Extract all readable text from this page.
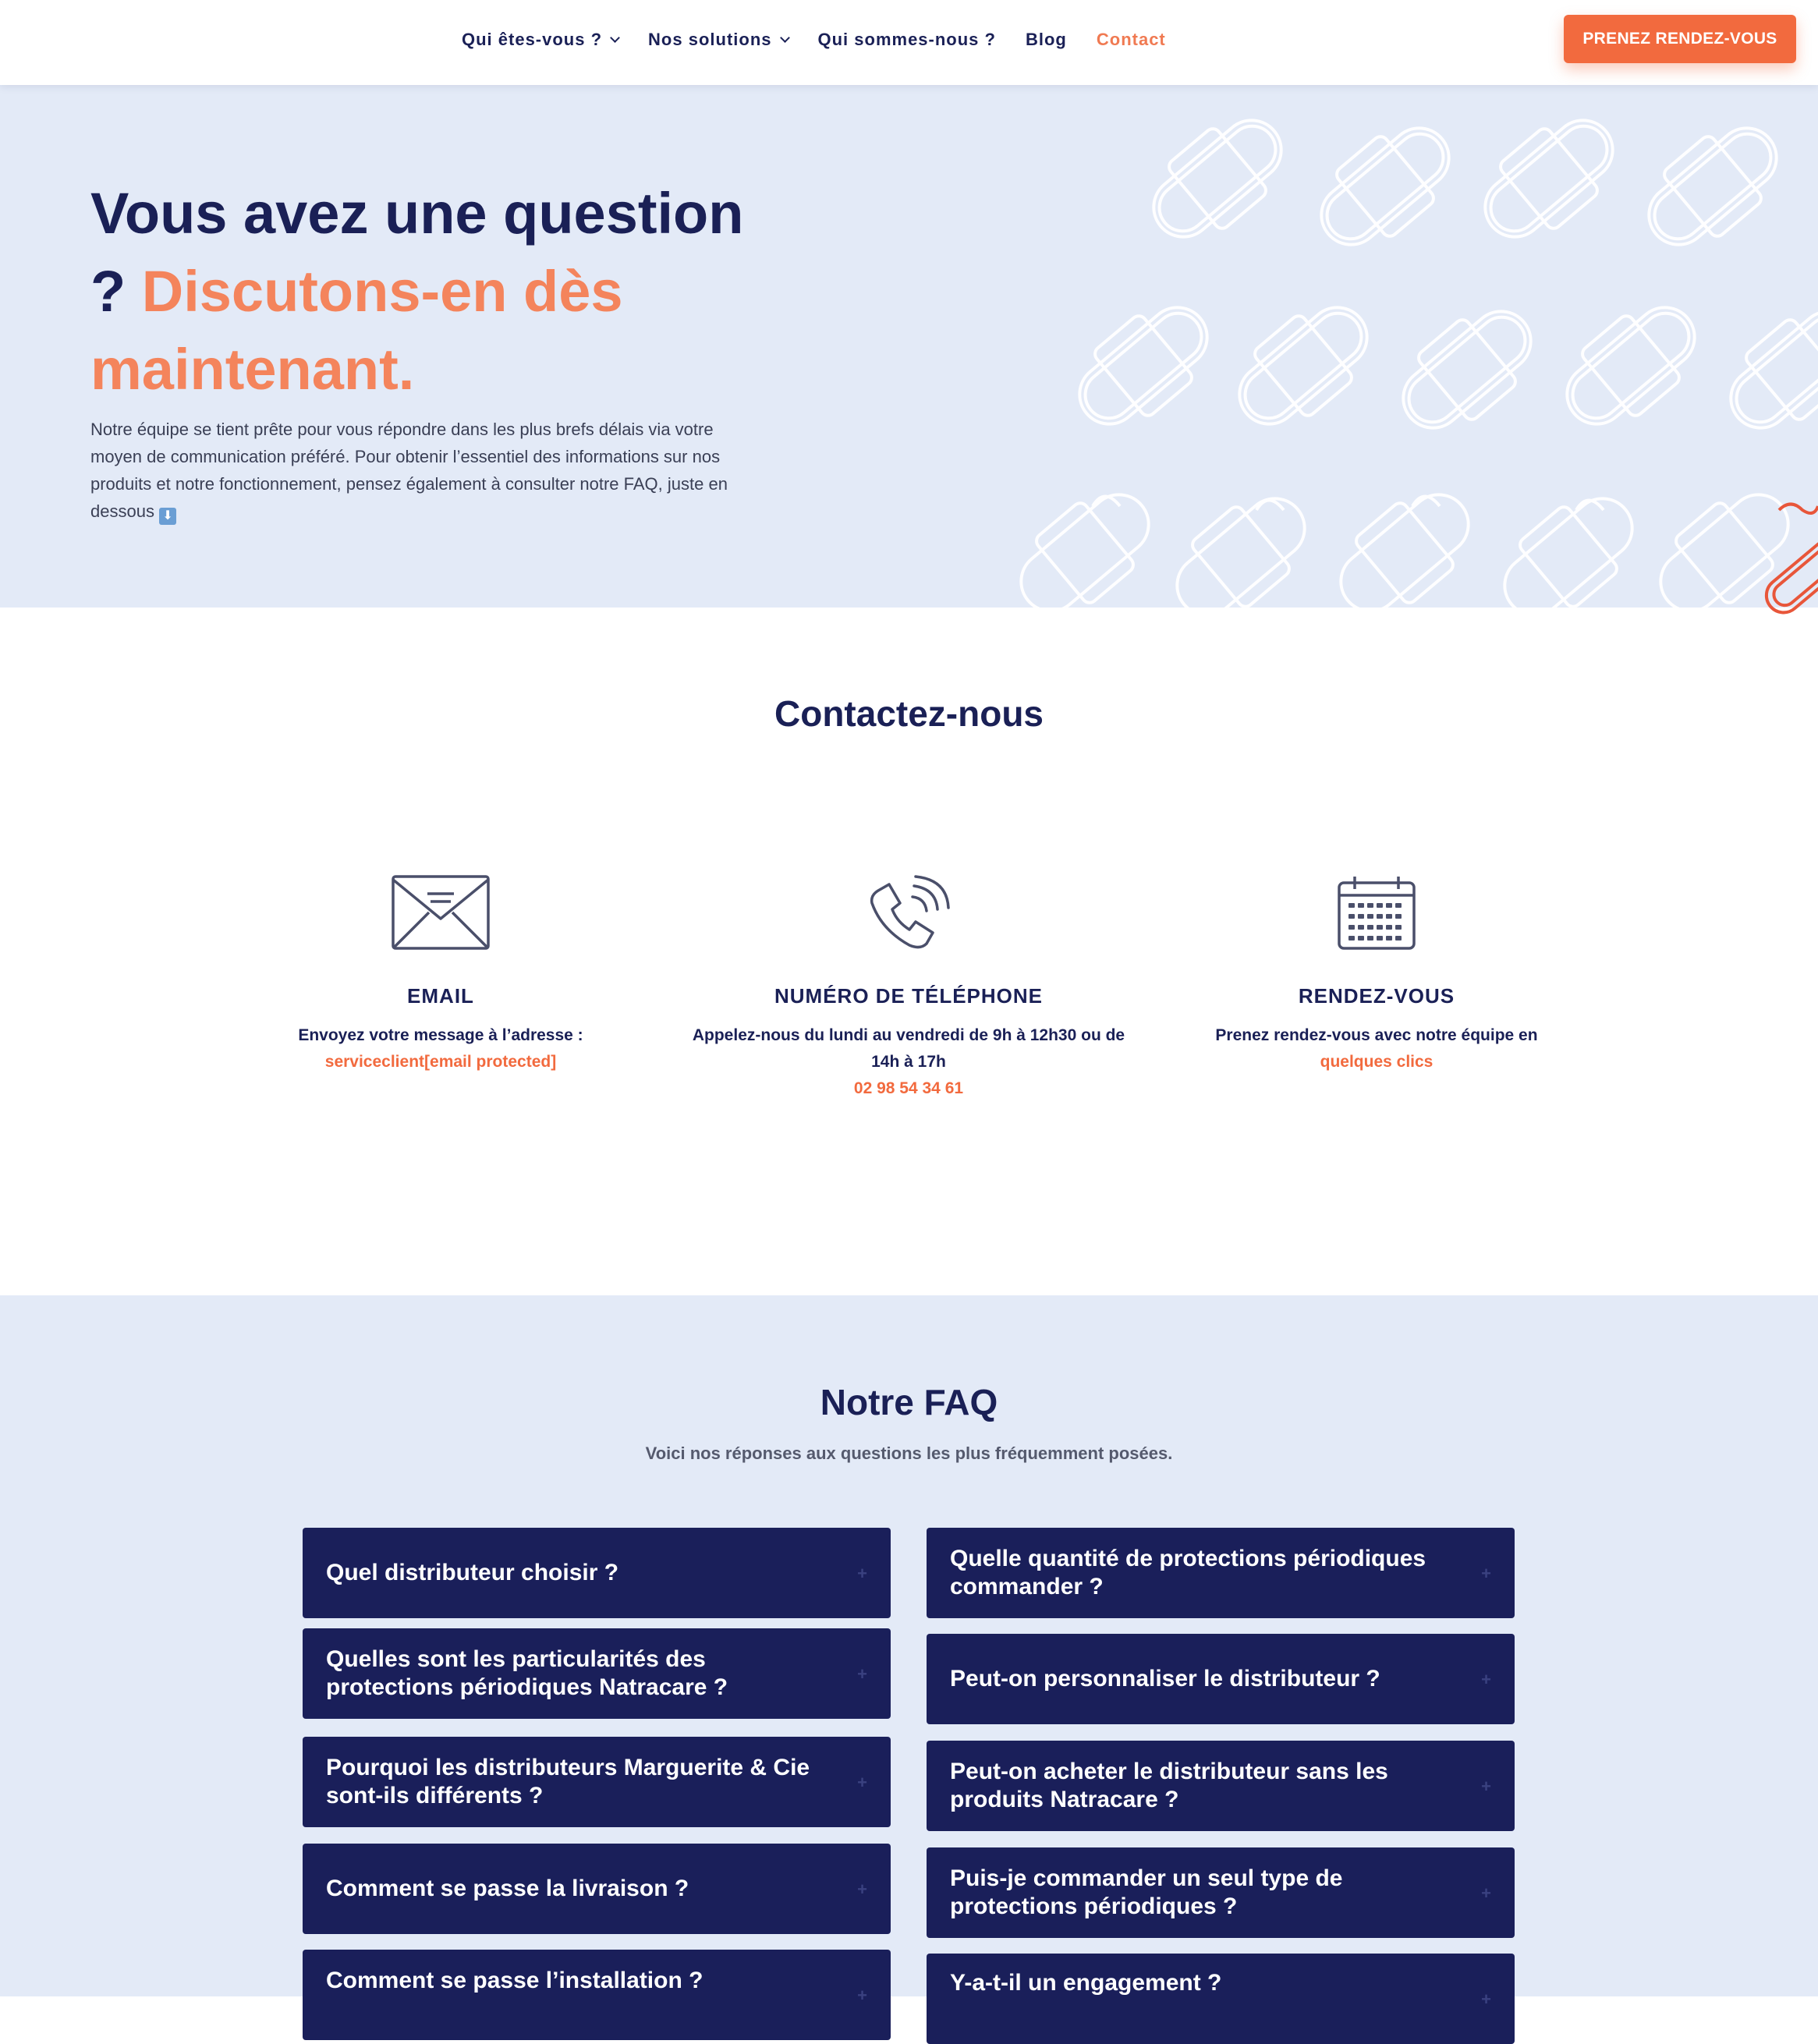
Qui êtes-vous ?	Nos solutions	Qui sommes-nous ? Blog Contact	PRENEZ RENDEZ-VOUS
Vous avez une question ? Discutons-en dès maintenant.

Notre équipe se tient prête pour vous répondre dans les plus brefs délais via votre moyen de communication préféré. Pour obtenir l’essentiel des informations sur nos produits et notre fonctionnement, pensez également à consulter notre FAQ, juste en dessous ⬇

Contactez-nous
EMAIL
Envoyez votre message à l’adresse :
serviceclient[email protected]
NUMÉRO DE TÉLÉPHONE
Appelez-nous du lundi au vendredi de 9h à 12h30 ou de 14h à 17h
02 98 54 34 61
RENDEZ-VOUS
Prenez rendez-vous avec notre équipe en
quelques clics
Notre FAQ

Voici nos réponses aux questions les plus fréquemment posées.

Quel distributeur choisir ?	+
Quelles sont les particularités des protections périodiques Natracare ?
+
Pourquoi les distributeurs Marguerite & Cie sont-ils différents ?
+
Comment se passe la livraison ?	+
Comment se passe l’installation ?
+
Quelle quantité de protections périodiques commander ?
+
Peut-on personnaliser le distributeur ?	+
Peut-on acheter le distributeur sans les produits Natracare ?
+
Puis-je commander un seul type de protections périodiques ?
+
Y-a-t-il un engagement ?
+
